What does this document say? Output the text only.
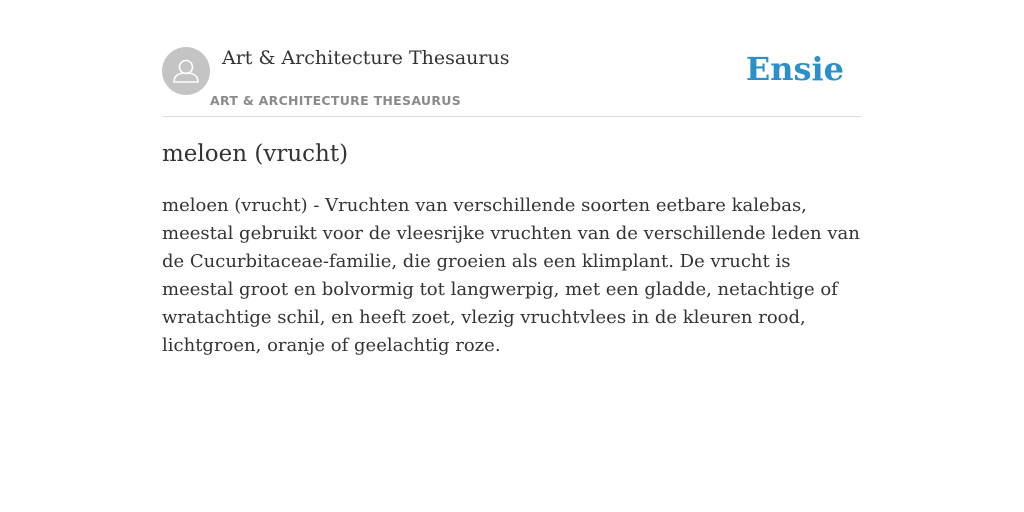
Art & Architecture Thesaurus
ART & ARCHITECTURE THESAURUS
Ensie
meloen (vrucht)

meloen (vrucht) - Vruchten van verschillende soorten eetbare kalebas, meestal gebruikt voor de vleesrijke vruchten van de verschillende leden van de Cucurbitaceae-familie, die groeien als een klimplant. De vrucht is meestal groot en bolvormig tot langwerpig, met een gladde, netachtige of wratachtige schil, en heeft zoet, vlezig vruchtvlees in de kleuren rood, lichtgroen, oranje of geelachtig roze.
